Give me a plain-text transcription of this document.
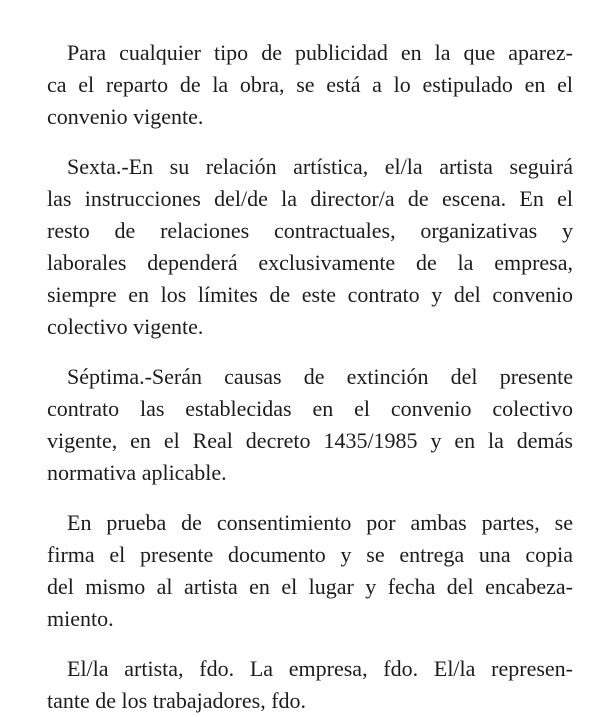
Para cualquier tipo de publicidad en la que aparez-
ca el reparto de la obra, se está a lo estipulado en el
convenio vigente.

Sexta.-En su relación artística, el/la artista seguirá
las instrucciones del/de la director/a de escena. En el
resto de relaciones contractuales, organizativas y
laborales dependerá exclusivamente de la empresa,
siempre en los límites de este contrato y del convenio
colectivo vigente.

Séptima.-Serán causas de extinción del presente
contrato las establecidas en el convenio colectivo
vigente, en el Real decreto 1435/1985 y en la demás
normativa aplicable.

En prueba de consentimiento por ambas partes, se
firma el presente documento y se entrega una copia
del mismo al artista en el lugar y fecha del encabeza-
miento.

El/la artista, fdo. La empresa, fdo. El/la represen-
tante de los trabajadores, fdo.
